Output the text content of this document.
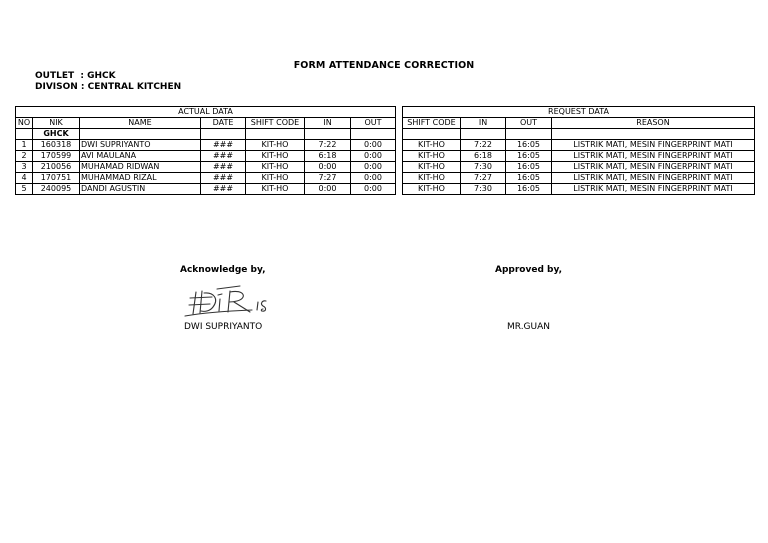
FORM ATTENDANCE CORRECTION
OUTLET  : GHCK
DIVISON : CENTRAL KITCHEN
ACTUAL DATA						
NO	NIK	NAME	DATE	SHIFT CODE	IN	OUT
	GHCK					
1	160318	DWI SUPRIYANTO	###	KIT-HO	7:22	0:00
2	170599	AVI MAULANA	###	KIT-HO	6:18	0:00
3	210056	MUHAMAD RIDWAN	###	KIT-HO	0:00	0:00
4	170751	MUHAMMAD RIZAL	###	KIT-HO	7:27	0:00
5	240095	DANDI AGUSTIN	###	KIT-HO	0:00	0:00
REQUEST DATA			
SHIFT CODE	IN	OUT	REASON

KIT-HO	7:22	16:05	LISTRIK MATI, MESIN FINGERPRINT MATI
KIT-HO	6:18	16:05	LISTRIK MATI, MESIN FINGERPRINT MATI
KIT-HO	7:30	16:05	LISTRIK MATI, MESIN FINGERPRINT MATI
KIT-HO	7:27	16:05	LISTRIK MATI, MESIN FINGERPRINT MATI
KIT-HO	7:30	16:05	LISTRIK MATI, MESIN FINGERPRINT MATI
Acknowledge by,	Approved by,
DWI SUPRIYANTO	MR.GUAN
